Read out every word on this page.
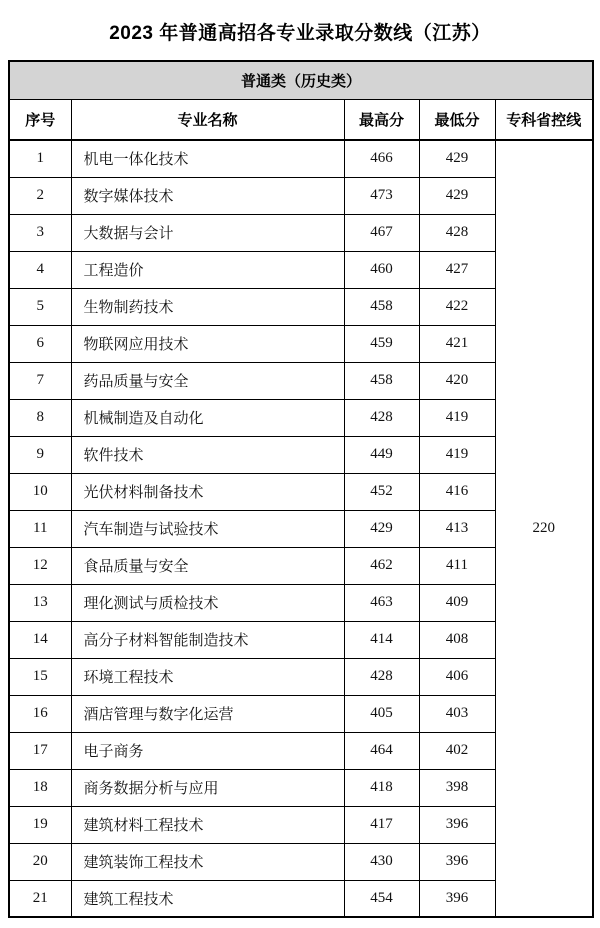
2023 年普通高招各专业录取分数线（江苏）
普通类（历史类）				
序号	专业名称	最高分	最低分	专科省控线
1	机电一体化技术	466	429	220
2	数字媒体技术	473	429	
3	大数据与会计	467	428	
4	工程造价	460	427	
5	生物制药技术	458	422	
6	物联网应用技术	459	421	
7	药品质量与安全	458	420	
8	机械制造及自动化	428	419	
9	软件技术	449	419	
10	光伏材料制备技术	452	416	
11	汽车制造与试验技术	429	413	
12	食品质量与安全	462	411	
13	理化测试与质检技术	463	409	
14	高分子材料智能制造技术	414	408	
15	环境工程技术	428	406	
16	酒店管理与数字化运营	405	403	
17	电子商务	464	402	
18	商务数据分析与应用	418	398	
19	建筑材料工程技术	417	396	
20	建筑装饰工程技术	430	396	
21	建筑工程技术	454	396	
